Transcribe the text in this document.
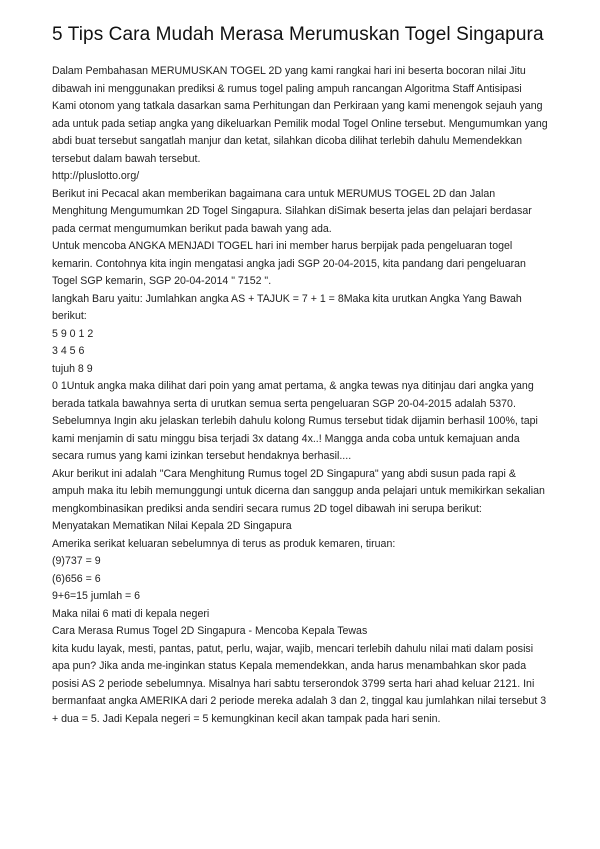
5 Tips Cara Mudah Merasa Merumuskan Togel Singapura

Dalam Pembahasan MERUMUSKAN TOGEL 2D yang kami rangkai hari ini beserta bocoran nilai Jitu dibawah ini menggunakan prediksi & rumus togel paling ampuh rancangan Algoritma Staff Antisipasi Kami otonom yang tatkala dasarkan sama Perhitungan dan Perkiraan yang kami menengok sejauh yang ada untuk pada setiap angka yang dikeluarkan Pemilik modal Togel Online tersebut. Mengumumkan yang abdi buat tersebut sangatlah manjur dan ketat, silahkan dicoba dilihat terlebih dahulu Memendekkan tersebut dalam bawah tersebut.

http://pluslotto.org/

Berikut ini Pecacal akan memberikan bagaimana cara untuk MERUMUS TOGEL 2D dan Jalan Menghitung Mengumumkan 2D Togel Singapura. Silahkan diSimak beserta jelas dan pelajari berdasar pada cermat mengumumkan berikut pada bawah yang ada.

Untuk mencoba ANGKA MENJADI TOGEL hari ini member harus berpijak pada pengeluaran togel kemarin. Contohnya kita ingin mengatasi angka jadi SGP 20-04-2015, kita pandang dari pengeluaran Togel SGP kemarin, SGP 20-04-2014 " 7152 ".

langkah Baru yaitu: Jumlahkan angka AS + TAJUK = 7 + 1 = 8Maka kita urutkan Angka Yang Bawah berikut:

5 9 0 1 2

3 4 5 6

tujuh 8 9

0 1Untuk angka maka dilihat dari poin yang amat pertama, & angka tewas nya ditinjau dari angka yang berada tatkala bawahnya serta di urutkan semua serta pengeluaran SGP 20-04-2015 adalah 5370.

Sebelumnya Ingin aku jelaskan terlebih dahulu kolong Rumus tersebut tidak dijamin berhasil 100%, tapi kami menjamin di satu minggu bisa terjadi 3x datang 4x..! Mangga anda coba untuk kemajuan anda secara rumus yang kami izinkan tersebut hendaknya berhasil....

Akur berikut ini adalah "Cara Menghitung Rumus togel 2D Singapura" yang abdi susun pada rapi & ampuh maka itu lebih memunggungi untuk dicerna dan sanggup anda pelajari untuk memikirkan sekalian mengkombinasikan prediksi anda sendiri secara rumus 2D togel dibawah ini serupa berikut:

Menyatakan Mematikan Nilai Kepala 2D Singapura

Amerika serikat keluaran sebelumnya di terus as produk kemaren, tiruan:

(9)737 = 9

(6)656 = 6

9+6=15 jumlah = 6

Maka nilai 6 mati di kepala negeri

Cara Merasa Rumus Togel 2D Singapura - Mencoba Kepala Tewas

kita kudu layak, mesti, pantas, patut, perlu, wajar, wajib, mencari terlebih dahulu nilai mati dalam posisi apa pun? Jika anda me-inginkan status Kepala memendekkan, anda harus menambahkan skor pada posisi AS 2 periode sebelumnya. Misalnya hari sabtu terserondok 3799 serta hari ahad keluar 2121. Ini bermanfaat angka AMERIKA dari 2 periode mereka adalah 3 dan 2, tinggal kau jumlahkan nilai tersebut 3 + dua = 5. Jadi Kepala negeri = 5 kemungkinan kecil akan tampak pada hari senin.
